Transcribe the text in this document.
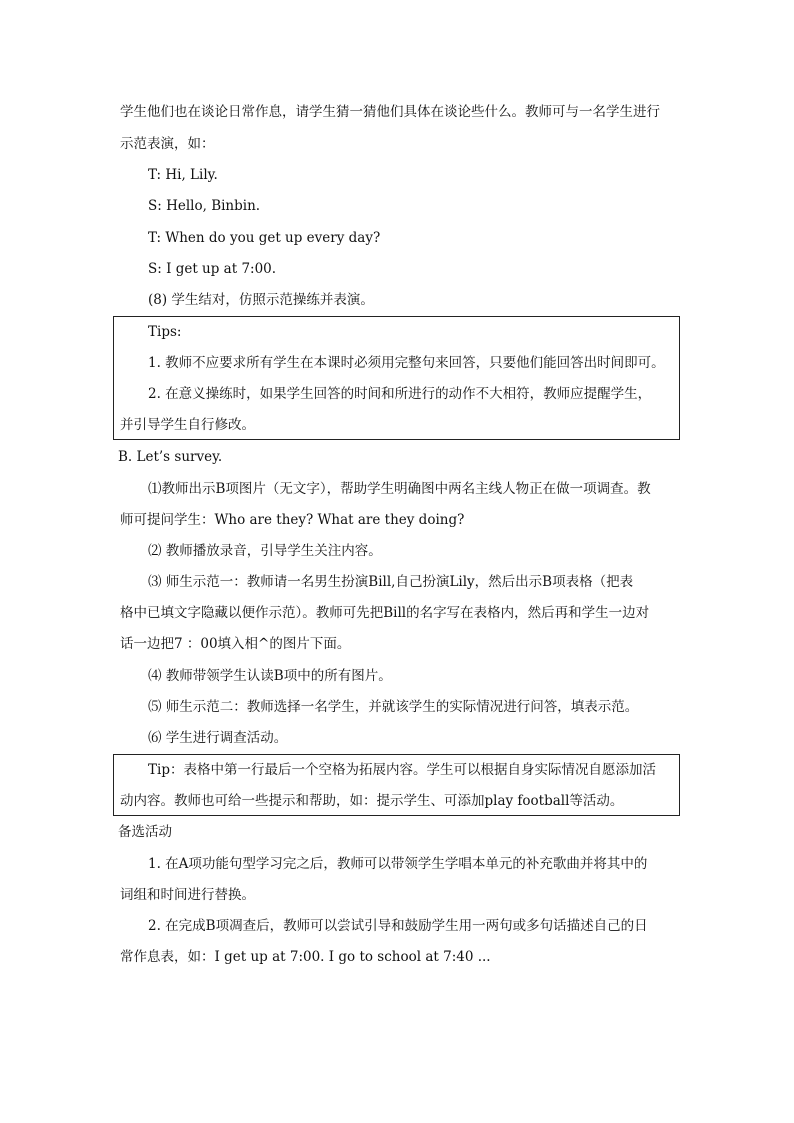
学生他们也在谈论日常作息，请学生猜一猜他们具体在谈论些什么。教师可与一名学生进行
示范表演，如：
T: Hi, Lily.
S: Hello, Binbin.
T: When do you get up every day?
S: I get up at 7:00.
(8) 学生结对，仿照示范操练并表演。
Tips:
1. 教师不应要求所有学生在本课时必须用完整句来回答，只要他们能回答出时间即可。
2. 在意义操练时，如果学生回答的时间和所进行的动作不大相符，教师应提醒学生，
并引导学生自行修改。
B. Let’s survey.
⑴教师出示B项图片（无文字），帮助学生明确图中两名主线人物正在做一项调查。教
师可提问学生：Who are they? What are they doing?
⑵ 教师播放录音，引导学生关注内容。
⑶ 师生示范一：教师请一名男生扮演Bill,自己扮演Lily，然后出示B项表格（把表
格中已填文字隐藏以便作示范）。教师可先把Bill的名字写在表格内，然后再和学生一边对
话一边把7 ：00填入相^的图片下面。
⑷ 教师带领学生认读B项中的所有图片。
⑸ 师生示范二：教师选择一名学生，并就该学生的实际情况进行问答，填表示范。
⑹ 学生进行调查活动。
Tip：表格中第一行最后一个空格为拓展内容。学生可以根据自身实际情况自愿添加活
动内容。教师也可给一些提示和帮助，如：提示学生、可添加play football等活动。
备选活动
1. 在A项功能句型学习完之后，教师可以带领学生学唱本单元的补充歌曲并将其中的
词组和时间进行替换。
2. 在完成B项凋查后，教师可以尝试引导和鼓励学生用一两句或多句话描述自己的日
常作息表，如：I get up at 7:00. I go to school at 7:40 ...
